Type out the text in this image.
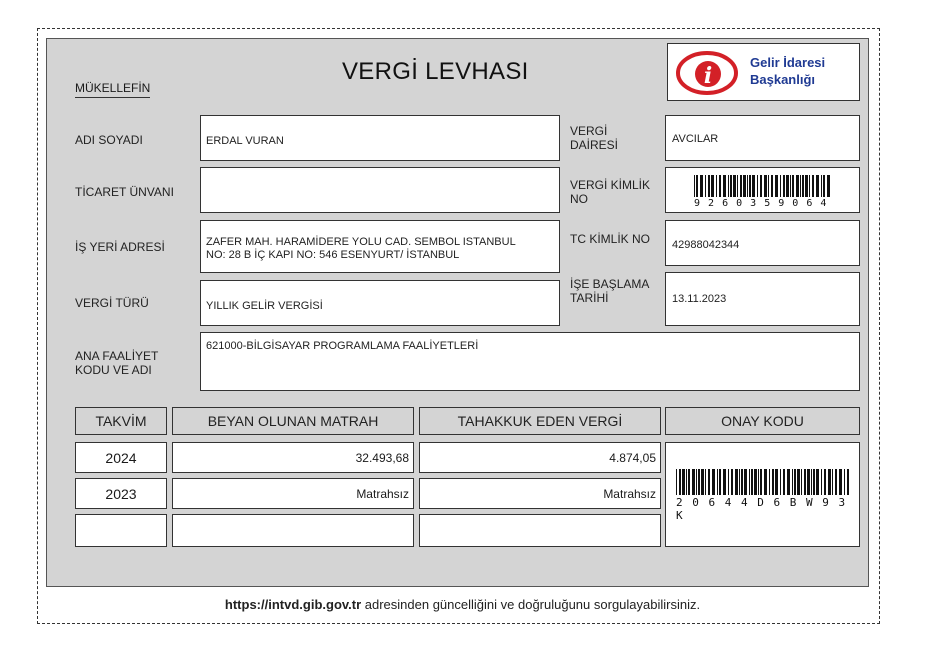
MÜKELLEFİN
VERGİ LEVHASI	i
Gelir İdaresi
Başkanlığı
ADI SOYADI	ERDAL VURAN
TİCARET ÜNVANI
İŞ YERİ ADRESİ	ZAFER MAH. HARAMİDERE YOLU CAD. SEMBOL ISTANBUL
NO: 28 B İÇ KAPI NO: 546 ESENYURT/ İSTANBUL
VERGİ TÜRÜ	YILLIK GELİR VERGİSİ
ANA FAALİYET
KODU VE ADI
621000-BİLGİSAYAR PROGRAMLAMA FAALİYETLERİ
VERGİ
DAİRESİ	AVCILAR
VERGİ KİMLİK
NO	9 2 6 0 3 5 9 0 6 4
TC KİMLİK NO 42988042344
İŞE BAŞLAMA
TARİHİ	13.11.2023
TAKVİM	BEYAN OLUNAN MATRAH	TAHAKKUK EDEN VERGİ	ONAY KODU
2024	32.493,68	4.874,05
2023	Matrahsız	Matrahsız
2 0 6 4 4 D 6 B W 9 3 K
https://intvd.gib.gov.tr adresinden güncelliğini ve doğruluğunu sorgulayabilirsiniz.
